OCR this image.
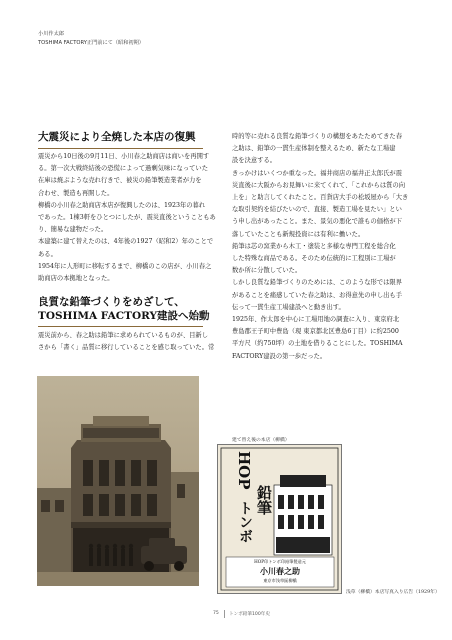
小川作太郎
TOSHIMA FACTORY正門前にて（昭和初期）
大震災により全焼した本店の復興

震災から10日後の9月11日、小川春之助商店は商いを再開す

る。第一次大戦終結後の恐慌によって過剰気味になっていた

在庫は焼ぶような売れ行きで、被災の鉛筆製造業者が力を

合わせ、製造も再開した。

柳橋の小川春之助商店本店が復興したのは、1923年の暮れ

であった。1棟3軒をひとつにしたが、震災直後ということもあ

り、簡易な建物だった。

本建築に建て替えたのは、4年後の1927（昭和2）年のことで

ある。

1954年に人形町に移転するまで、柳橋のこの店が、小川春之

助商店の本拠地となった。

良質な鉛筆づくりをめざして、
TOSHIMA FACTORY建設へ始動

震災前から、春之助は鉛筆に求められているものが、目新し

さから「書く」品質に移行していることを感じ取っていた。常

時的等に売れる良質な鉛筆づくりの構想をあたためてきた春

之助は、鉛筆の一貫生産体制を整えるため、新たな工場建

設を決意する。

きっかけはいくつか重なった。福井商店の福井正太郎氏が震

災直後に大阪からお見舞いに来てくれて、「これからは質の向

上を」と助言してくれたこと。百貨店大手の松坂屋から「大き

な取引契約を結びたいので、直接、製造工場を見たい」とい

う申し出があったこと。また、景気の悪化で誰もの価格が下

落していたことも新規投資には有利に働いた。

鉛筆は芯の窯業から木工・塗装と多様な専門工程を総合化

した特殊な商品である。そのため伝統的に工程別に工場が

数か所に分散していた。

しかし良質な鉛筆づくりのためには、このような形では限界

があることを痛感していた春之助は、お得意先の申し出も手

伝って一貫生産工場建設へと動き出す。

1925年、作太郎を中心に工場用地の調査に入り、東京府北

豊島郡王子町中豊島（現 東京都北区豊島6丁目）に約2500

平方尺（約750坪）の土地を借りることにした。TOSHIMA

FACTORY建設の第一歩だった。

建て替え後の本店（柳橋）
HOP
トンボ
鉛筆
HOP印トンボ印鉛筆製造元
小川春之助
東京市浅草區柳橋
浅草（柳橋）本店写真入り広告（1929年）
75 トンボ鉛筆100年史
